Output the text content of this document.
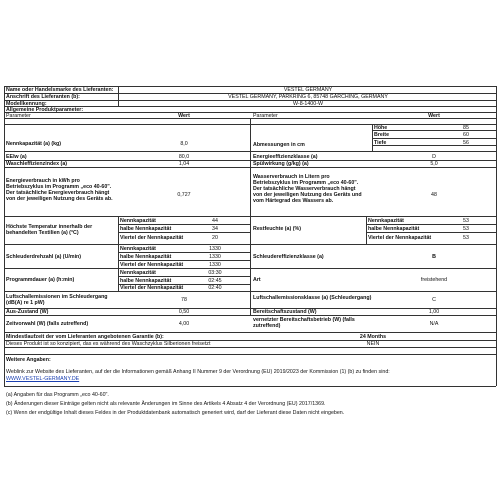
Name oder Handelsmarke des Lieferanten:	VESTEL GERMANY
Anschrift des Lieferanten (b):	VESTEL GERMANY, PARKRING 6, 85748 GARCHING, GERMANY
Modellkennung:	W-8-1400-W
Allgemeine Produktparameter:
Parameter	Wert	Parameter	Wert
Nennkapazität (a) (kg)	8,0
EEIw (a)	80,0
Waschleffizienzindex (a)	1,04
Energieverbrauch in kWh pro Betriebszyklus im Programm „eco 40-60". Der tatsächliche Energieverbrauch hängt von der jeweiligen Nutzung des Geräts ab.
0,727
Höchste Temperatur innerhalb der behandelten Textilien (a) (°C)
Nennkapazität	44
halbe Nennkapazität	34
Viertel der Nennkapazität	20
Schleuderdrehzahl (a) (U/min)
Nennkapazität	1330
halbe Nennkapazität	1330
Viertel der Nennkapazität	1330
Programmdauer (a) (h:min)
Nennkapazität	03:30
halbe Nennkapazität	02:45
Viertel der Nennkapazität	02:40
Luftschallemissionen im Schleudergang (dB(A) re 1 pW)	78
Aus-Zustand (W)	0,50
Zeitvorwahl (W) (falls zutreffend)	4,00
Abmessungen in cm
Höhe	85
Breite	60
Tiefe	56
Energieeffizienzklasse (a)	D
Spülwirkung (g/kg) (a)	5,0
Wasserverbrauch in Litern pro Betriebszyklus im Programm „eco 40-60". Der tatsächliche Wasserverbrauch hängt von der jeweiligen Nutzung des Geräts und vom Härtegrad des Wassers ab.
48
Restfeuchte (a) (%)
Nennkapazität	53
halbe Nennkapazität	53
Viertel der Nennkapazität	53
Schleudereffizienzklasse (a)	B
Art	freistehend
Luftschallemissionsklasse (a) (Schleudergang)	C
Bereitschaftszustand (W)	1,00
vernetzter Bereitschaftsbetrieb (W) (falls zutreffend)	N/A
Mindestlaufzeit der vom Lieferanten angebotenen Garantie (b):	24 Months
Dieses Produkt ist so konzipiert, das es während des Waschzyklus Silberionen freisetzt	NEIN
Weitere Angaben:
Weblink zur Website des Lieferanten, auf der die Informationen gemäß Anhang II Nummer 9 der Verordnung (EU) 2019/2023 der Kommission (1) (b) zu finden sind:
WWW.VESTEL-GERMANY.DE
(a) Angaben für das Programm „eco 40-60".
(b) Änderungen dieser Einträge gelten nicht als relevante Änderungen im Sinne des Artikels 4 Absatz 4 der Verordnung (EU) 2017/1369.
(c) Wenn der endgültige Inhalt dieses Feldes in der Produktdatenbank automatisch generiert wird, darf der Lieferant diese Daten nicht eingeben.
